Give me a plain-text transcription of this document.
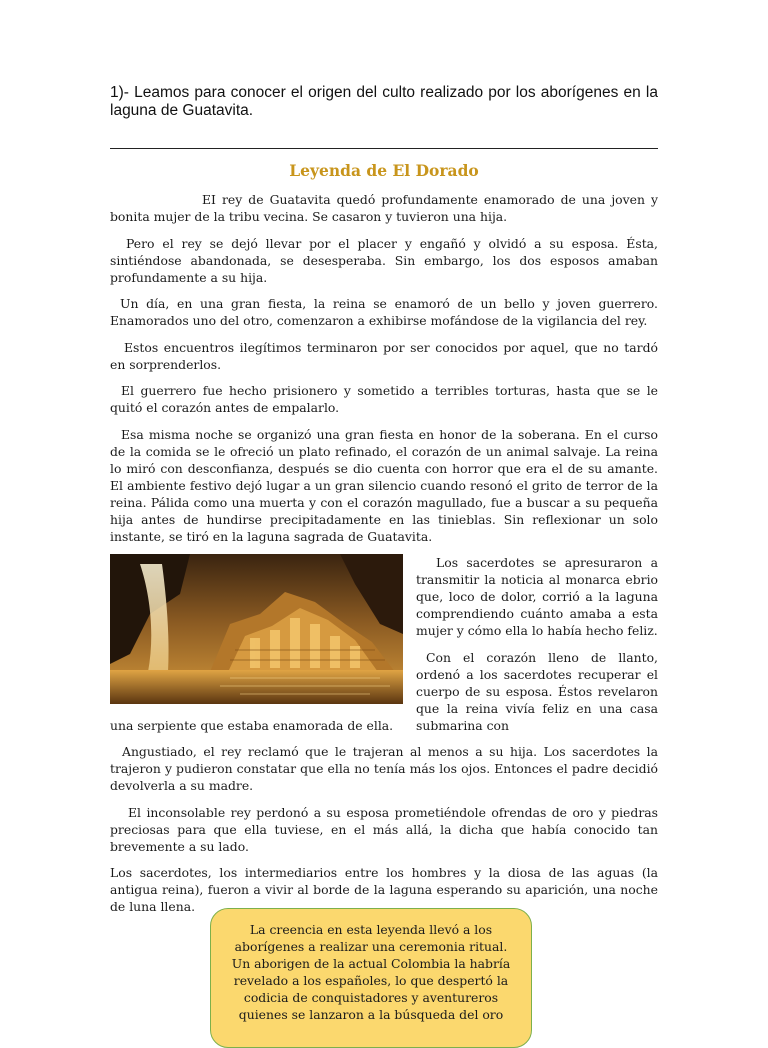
1)- Leamos para conocer el origen del culto realizado por los aborígenes en la laguna de Guatavita.

Leyenda de El Dorado

EI rey de Guatavita quedó profundamente enamorado de una joven y bonita mujer de la tribu vecina. Se casaron y tuvieron una hija.

Pero el rey se dejó llevar por el placer y engañó y olvidó a su esposa. Ésta, sintiéndose abandonada, se desesperaba. Sin embargo, los dos esposos amaban profundamente a su hija.

Un día, en una gran fiesta, la reina se enamoró de un bello y joven guerrero. Enamorados uno del otro, comenzaron a exhibirse mofándose de la vigilancia del rey.

Estos encuentros ilegítimos terminaron por ser conocidos por aquel, que no tardó en sorprenderlos.

El guerrero fue hecho prisionero y sometido a terribles torturas, hasta que se le quitó el corazón antes de empalarlo.

Esa misma noche se organizó una gran fiesta en honor de la soberana. En el curso de la comida se le ofreció un plato refinado, el corazón de un animal salvaje. La reina lo miró con desconfianza, después se dio cuenta con horror que era el de su amante. El ambiente festivo dejó lugar a un gran silencio cuando resonó el grito de terror de la reina. Pálida como una muerta y con el corazón magullado, fue a buscar a su pequeña hija antes de hundirse precipitadamente en las tinieblas. Sin reflexionar un solo instante, se tiró en la laguna sagrada de Guatavita.

Los sacerdotes se apresuraron a transmitir la noticia al monarca ebrio que, loco de dolor, corrió a la laguna comprendiendo cuánto amaba a esta mujer y cómo ella lo había hecho feliz.

Con el corazón lleno de llanto, ordenó a los sacerdotes recuperar el cuerpo de su esposa. Éstos revelaron que la reina vivía feliz en una casa submarina con

una serpiente que estaba enamorada de ella.

Angustiado, el rey reclamó que le trajeran al menos a su hija. Los sacerdotes la trajeron y pudieron constatar que ella no tenía más los ojos. Entonces el padre decidió devolverla a su madre.

El inconsolable rey perdonó a su esposa prometiéndole ofrendas de oro y piedras preciosas para que ella tuviese, en el más allá, la dicha que había conocido tan brevemente a su lado.

Los sacerdotes, los intermediarios entre los hombres y la diosa de las aguas (la antigua reina), fueron a vivir al borde de la laguna esperando su aparición, una noche de luna llena.

La creencia en esta leyenda llevó a los aborígenes a realizar una ceremonia ritual. Un aborigen de la actual Colombia la habría revelado a los españoles, lo que despertó la codicia de conquistadores y aventureros quienes se lanzaron a la búsqueda del oro
